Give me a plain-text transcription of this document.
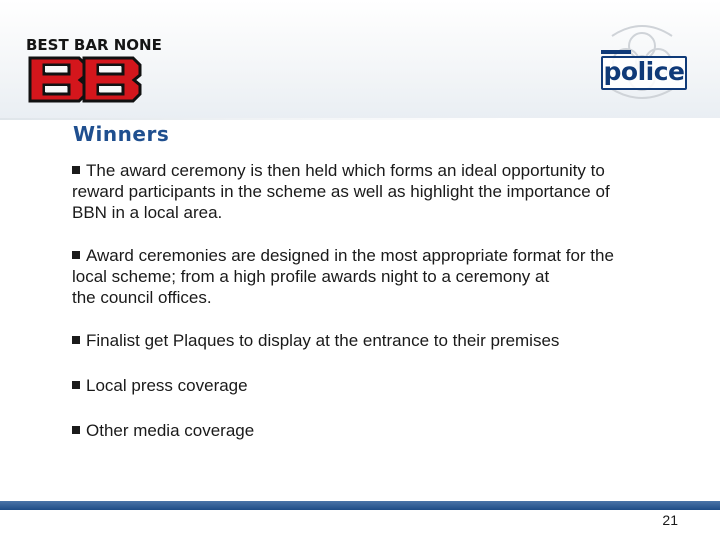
BEST BAR NONE

police

Winners
The award ceremony is then held which forms an ideal opportunity to
reward participants in the scheme as well as highlight the importance of
BBN in a local area.
Award ceremonies are designed in the most appropriate format for the
local scheme; from a high profile awards night to a ceremony at
the council offices.
Finalist get Plaques to display at the entrance to their premises
Local press coverage
Other media coverage

21
